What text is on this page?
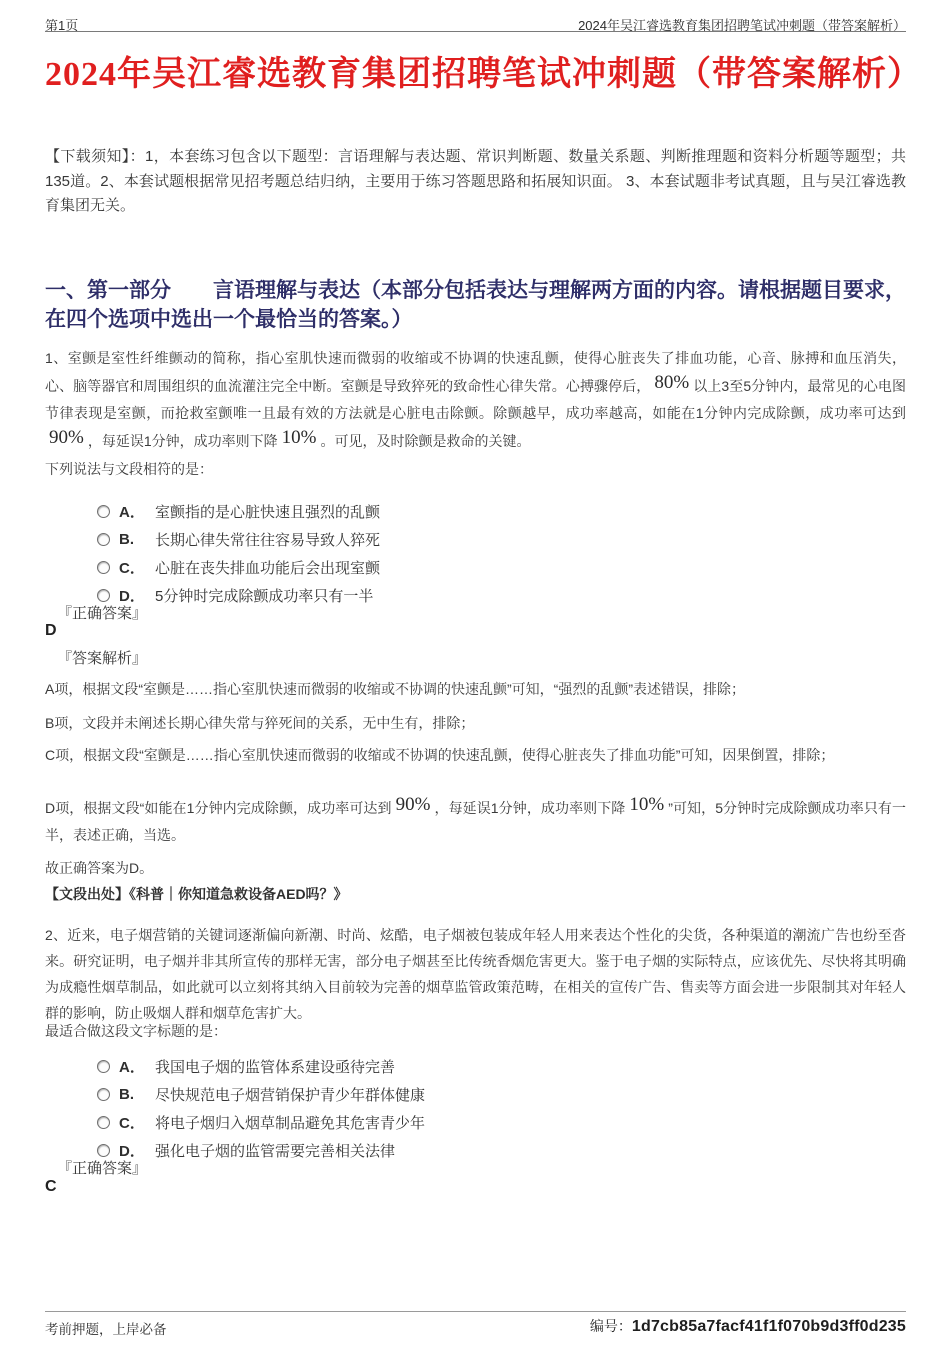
第1页	2024年吴江睿选教育集团招聘笔试冲刺题（带答案解析）
2024年吴江睿选教育集团招聘笔试冲刺题（带答案解析）
【下载须知】：1，本套练习包含以下题型：言语理解与表达题、常识判断题、数量关系题、判断推理题和资料分析题等题型；共135道。2、本套试题根据常见招考题总结归纳，主要用于练习答题思路和拓展知识面。 3、本套试题非考试真题，且与吴江睿选教育集团无关。
一、第一部分　　言语理解与表达（本部分包括表达与理解两方面的内容。请根据题目要求，在四个选项中选出一个最恰当的答案。）
1、室颤是室性纤维颤动的简称，指心室肌快速而微弱的收缩或不协调的快速乱颤，使得心脏丧失了排血功能，心音、脉搏和血压消失，心、脑等器官和周围组织的血流灌注完全中断。室颤是导致猝死的致命性心律失常。心搏骤停后， 80% 以上3至5分钟内，最常见的心电图节律表现是室颤，而抢救室颤唯一且最有效的方法就是心脏电击除颤。除颤越早，成功率越高，如能在1分钟内完成除颤，成功率可达到90% ，每延误1分钟，成功率则下降 10% 。可见，及时除颤是救命的关键。
下列说法与文段相符的是：
A． 室颤指的是心脏快速且强烈的乱颤
B.	长期心律失常往往容易导致人猝死
C． 心脏在丧失排血功能后会出现室颤
D． 5分钟时完成除颤成功率只有一半
『正确答案』
D
『答案解析』
A项，根据文段“室颤是……指心室肌快速而微弱的收缩或不协调的快速乱颤”可知，“强烈的乱颤”表述错误，排除；
B项，文段并未阐述长期心律失常与猝死间的关系，无中生有，排除；
C项，根据文段“室颤是……指心室肌快速而微弱的收缩或不协调的快速乱颤，使得心脏丧失了排血功能”可知，因果倒置，排除；
D项，根据文段“如能在1分钟内完成除颤，成功率可达到 90% ，每延误1分钟，成功率则下降 10% ”可知，5分钟时完成除颤成功率只有一半，表述正确，当选。
故正确答案为D。
【文段出处】《科普｜你知道急救设备AED吗？》
2、近来，电子烟营销的关键词逐渐偏向新潮、时尚、炫酷，电子烟被包装成年轻人用来表达个性化的尖货，各种渠道的潮流广告也纷至沓来。研究证明，电子烟并非其所宣传的那样无害，部分电子烟甚至比传统香烟危害更大。鉴于电子烟的实际特点，应该优先、尽快将其明确为成瘾性烟草制品，如此就可以立刻将其纳入目前较为完善的烟草监管政策范畴，在相关的宣传广告、售卖等方面会进一步限制其对年轻人群的影响，防止吸烟人群和烟草危害扩大。
最适合做这段文字标题的是：
A． 我国电子烟的监管体系建设亟待完善
B.	尽快规范电子烟营销保护青少年群体健康
C． 将电子烟归入烟草制品避免其危害青少年
D． 强化电子烟的监管需要完善相关法律
『正确答案』
C
考前押题，上岸必备	编号：1d7cb85a7facf41f1f070b9d3ff0d235
